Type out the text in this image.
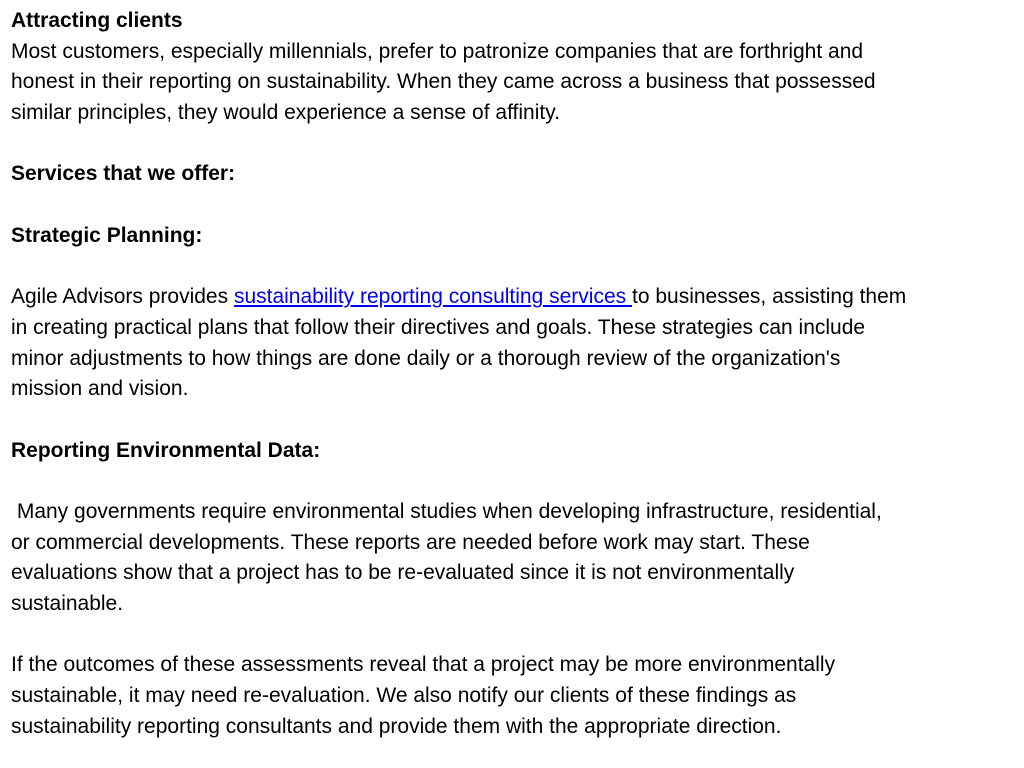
Attracting clients
Most customers, especially millennials, prefer to patronize companies that are forthright and
honest in their reporting on sustainability. When they came across a business that possessed
similar principles, they would experience a sense of affinity.
Services that we offer:
Strategic Planning:
Agile Advisors provides sustainability reporting consulting services to businesses, assisting them
in creating practical plans that follow their directives and goals. These strategies can include
minor adjustments to how things are done daily or a thorough review of the organization's
mission and vision.
Reporting Environmental Data:
Many governments require environmental studies when developing infrastructure, residential,
or commercial developments. These reports are needed before work may start. These
evaluations show that a project has to be re-evaluated since it is not environmentally
sustainable.
If the outcomes of these assessments reveal that a project may be more environmentally
sustainable, it may need re-evaluation. We also notify our clients of these findings as
sustainability reporting consultants and provide them with the appropriate direction.
